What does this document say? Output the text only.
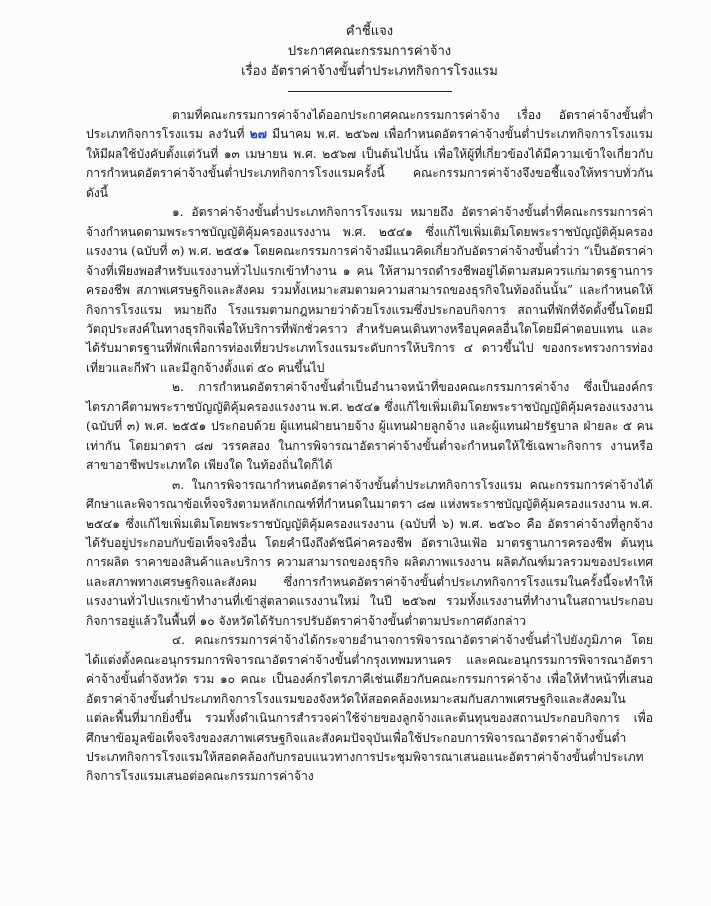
คำชี้แจง
ประกาศคณะกรรมการค่าจ้าง
เรื่อง อัตราค่าจ้างขั้นต่ำประเภทกิจการโรงแรม

ตามที่คณะกรรมการค่าจ้างได้ออกประกาศคณะกรรมการค่าจ้าง เรื่อง อัตราค่าจ้างขั้นต่ำประเภทกิจการโรงแรม ลงวันที่ ๒๗ มีนาคม พ.ศ. ๒๕๖๗ เพื่อกำหนดอัตราค่าจ้างขั้นต่ำประเภทกิจการโรงแรม ให้มีผลใช้บังคับตั้งแต่วันที่ ๑๓ เมษายน พ.ศ. ๒๕๖๗ เป็นต้นไปนั้น เพื่อให้ผู้ที่เกี่ยวข้องได้มีความเข้าใจเกี่ยวกับการกำหนดอัตราค่าจ้างขั้นต่ำประเภทกิจการโรงแรมครั้งนี้ คณะกรรมการค่าจ้างจึงขอชี้แจงให้ทราบทั่วกัน ดังนี้

๑. อัตราค่าจ้างขั้นต่ำประเภทกิจการโรงแรม หมายถึง อัตราค่าจ้างขั้นต่ำที่คณะกรรมการค่าจ้างกำหนดตามพระราชบัญญัติคุ้มครองแรงงาน พ.ศ. ๒๕๔๑ ซึ่งแก้ไขเพิ่มเติมโดยพระราชบัญญัติคุ้มครองแรงงาน (ฉบับที่ ๓) พ.ศ. ๒๕๕๑ โดยคณะกรรมการค่าจ้างมีแนวคิดเกี่ยวกับอัตราค่าจ้างขั้นต่ำว่า “เป็นอัตราค่าจ้างที่เพียงพอสำหรับแรงงานทั่วไปแรกเข้าทำงาน ๑ คน ให้สามารถดำรงชีพอยู่ได้ตามสมควรแก่มาตรฐานการครองชีพ สภาพเศรษฐกิจและสังคม รวมทั้งเหมาะสมตามความสามารถของธุรกิจในท้องถิ่นนั้น” และกำหนดให้กิจการโรงแรม หมายถึง โรงแรมตามกฎหมายว่าด้วยโรงแรมซึ่งประกอบกิจการ สถานที่พักที่จัดตั้งขึ้นโดยมีวัตถุประสงค์ในทางธุรกิจเพื่อให้บริการที่พักชั่วคราว สำหรับคนเดินทางหรือบุคคลอื่นใดโดยมีค่าตอบแทน และได้รับมาตรฐานที่พักเพื่อการท่องเที่ยวประเภทโรงแรมระดับการให้บริการ ๔ ดาวขึ้นไป ของกระทรวงการท่องเที่ยวและกีฬา และมีลูกจ้างตั้งแต่ ๕๐ คนขึ้นไป

๒. การกำหนดอัตราค่าจ้างขั้นต่ำเป็นอำนาจหน้าที่ของคณะกรรมการค่าจ้าง ซึ่งเป็นองค์กรไตรภาคีตามพระราชบัญญัติคุ้มครองแรงงาน พ.ศ. ๒๕๔๑ ซึ่งแก้ไขเพิ่มเติมโดยพระราชบัญญัติคุ้มครองแรงงาน (ฉบับที่ ๓) พ.ศ. ๒๕๕๑ ประกอบด้วย ผู้แทนฝ่ายนายจ้าง ผู้แทนฝ่ายลูกจ้าง และผู้แทนฝ่ายรัฐบาล ฝ่ายละ ๕ คนเท่ากัน โดยมาตรา ๘๗ วรรคสอง ในการพิจารณาอัตราค่าจ้างขั้นต่ำจะกำหนดให้ใช้เฉพาะกิจการ งานหรือสาขาอาชีพประเภทใด เพียงใด ในท้องถิ่นใดก็ได้

๓. ในการพิจารณากำหนดอัตราค่าจ้างขั้นต่ำประเภทกิจการโรงแรม คณะกรรมการค่าจ้างได้ศึกษาและพิจารณาข้อเท็จจริงตามหลักเกณฑ์ที่กำหนดในมาตรา ๘๗ แห่งพระราชบัญญัติคุ้มครองแรงงาน พ.ศ. ๒๕๔๑ ซึ่งแก้ไขเพิ่มเติมโดยพระราชบัญญัติคุ้มครองแรงงาน (ฉบับที่ ๖) พ.ศ. ๒๕๖๐ คือ อัตราค่าจ้างที่ลูกจ้างได้รับอยู่ประกอบกับข้อเท็จจริงอื่น โดยคำนึงถึงดัชนีค่าครองชีพ อัตราเงินเฟ้อ มาตรฐานการครองชีพ ต้นทุนการผลิต ราคาของสินค้าและบริการ ความสามารถของธุรกิจ ผลิตภาพแรงงาน ผลิตภัณฑ์มวลรวมของประเทศ และสภาพทางเศรษฐกิจและสังคม ซึ่งการกำหนดอัตราค่าจ้างขั้นต่ำประเภทกิจการโรงแรมในครั้งนี้จะทำให้แรงงานทั่วไปแรกเข้าทำงานที่เข้าสู่ตลาดแรงงานใหม่ ในปี ๒๕๖๗ รวมทั้งแรงงานที่ทำงานในสถานประกอบกิจการอยู่แล้วในพื้นที่ ๑๐ จังหวัดได้รับการปรับอัตราค่าจ้างขั้นต่ำตามประกาศดังกล่าว

๔. คณะกรรมการค่าจ้างได้กระจายอำนาจการพิจารณาอัตราค่าจ้างขั้นต่ำไปยังภูมิภาค โดยได้แต่งตั้งคณะอนุกรรมการพิจารณาอัตราค่าจ้างขั้นต่ำกรุงเทพมหานคร และคณะอนุกรรมการพิจารณาอัตราค่าจ้างขั้นต่ำจังหวัด รวม ๑๐ คณะ เป็นองค์กรไตรภาคีเช่นเดียวกับคณะกรรมการค่าจ้าง เพื่อให้ทำหน้าที่เสนออัตราค่าจ้างขั้นต่ำประเภทกิจการโรงแรมของจังหวัดให้สอดคล้องเหมาะสมกับสภาพเศรษฐกิจและสังคมในแต่ละพื้นที่มากยิ่งขึ้น รวมทั้งดำเนินการสำรวจค่าใช้จ่ายของลูกจ้างและต้นทุนของสถานประกอบกิจการ เพื่อศึกษาข้อมูลข้อเท็จจริงของสภาพเศรษฐกิจและสังคมปัจจุบันเพื่อใช้ประกอบการพิจารณาอัตราค่าจ้างขั้นต่ำประเภทกิจการโรงแรมให้สอดคล้องกับกรอบแนวทางการประชุมพิจารณาเสนอแนะอัตราค่าจ้างขั้นต่ำประเภทกิจการโรงแรมเสนอต่อคณะกรรมการค่าจ้าง
